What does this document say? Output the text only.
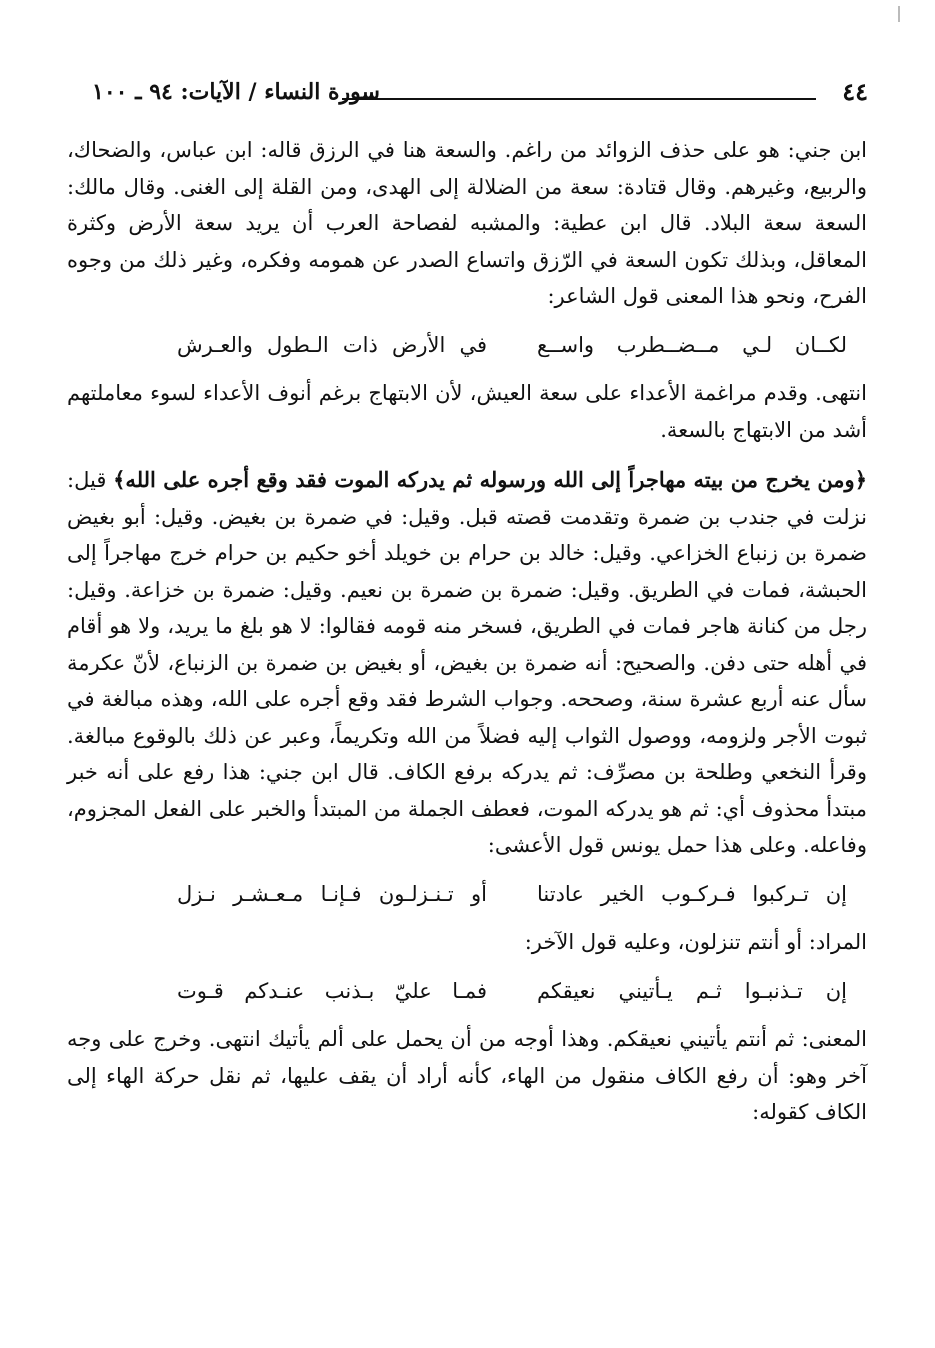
٤٤
سورة النساء / الآيات: ٩٤ ـ ١٠٠

ابن جني: هو على حذف الزوائد من راغم. والسعة هنا في الرزق قاله: ابن عباس، والضحاك، والربيع، وغيرهم. وقال قتادة: سعة من الضلالة إلى الهدى، ومن القلة إلى الغنى. وقال مالك: السعة سعة البلاد. قال ابن عطية: والمشبه لفصاحة العرب أن يريد سعة الأرض وكثرة المعاقل، وبذلك تكون السعة في الرّزق واتساع الصدر عن همومه وفكره، وغير ذلك من وجوه الفرح، ونحو هذا المعنى قول الشاعر:

لكــان لـي مــضــطرب واســع
في الأرض ذات الـطول والعـرش

انتهى. وقدم مراغمة الأعداء على سعة العيش، لأن الابتهاج برغم أنوف الأعداء لسوء معاملتهم أشد من الابتهاج بالسعة.

﴿ومن يخرج من بيته مهاجراً إلى الله ورسوله ثم يدركه الموت فقد وقع أجره على الله﴾ قيل: نزلت في جندب بن ضمرة وتقدمت قصته قبل. وقيل: في ضمرة بن بغيض. وقيل: أبو بغيض ضمرة بن زنباع الخزاعي. وقيل: خالد بن حرام بن خويلد أخو حكيم بن حرام خرج مهاجراً إلى الحبشة، فمات في الطريق. وقيل: ضمرة بن ضمرة بن نعيم. وقيل: ضمرة بن خزاعة. وقيل: رجل من كنانة هاجر فمات في الطريق، فسخر منه قومه فقالوا: لا هو بلغ ما يريد، ولا هو أقام في أهله حتى دفن. والصحيح: أنه ضمرة بن بغيض، أو بغيض بن ضمرة بن الزنباع، لأنّ عكرمة سأل عنه أربع عشرة سنة، وصححه. وجواب الشرط فقد وقع أجره على الله، وهذه مبالغة في ثبوت الأجر ولزومه، ووصول الثواب إليه فضلاً من الله وتكريماً، وعبر عن ذلك بالوقوع مبالغة. وقرأ النخعي وطلحة بن مصرِّف: ثم يدركه برفع الكاف. قال ابن جني: هذا رفع على أنه خبر مبتدأ محذوف أي: ثم هو يدركه الموت، فعطف الجملة من المبتدأ والخبر على الفعل المجزوم، وفاعله. وعلى هذا حمل يونس قول الأعشى:

إن تـركبوا فـركـوب الخير عادتنا
أو تـنـزلـون فـإنـا مـعـشـر نـزل

المراد: أو أنتم تنزلون، وعليه قول الآخر:

إن تـذنبـوا ثـم يـأتيني نعيقكم
فمـا عليّ بـذنب عنـدكم قـوت

المعنى: ثم أنتم يأتيني نعيقكم. وهذا أوجه من أن يحمل على ألم يأتيك انتهى. وخرج على وجه آخر وهو: أن رفع الكاف منقول من الهاء، كأنه أراد أن يقف عليها، ثم نقل حركة الهاء إلى الكاف كقوله:
